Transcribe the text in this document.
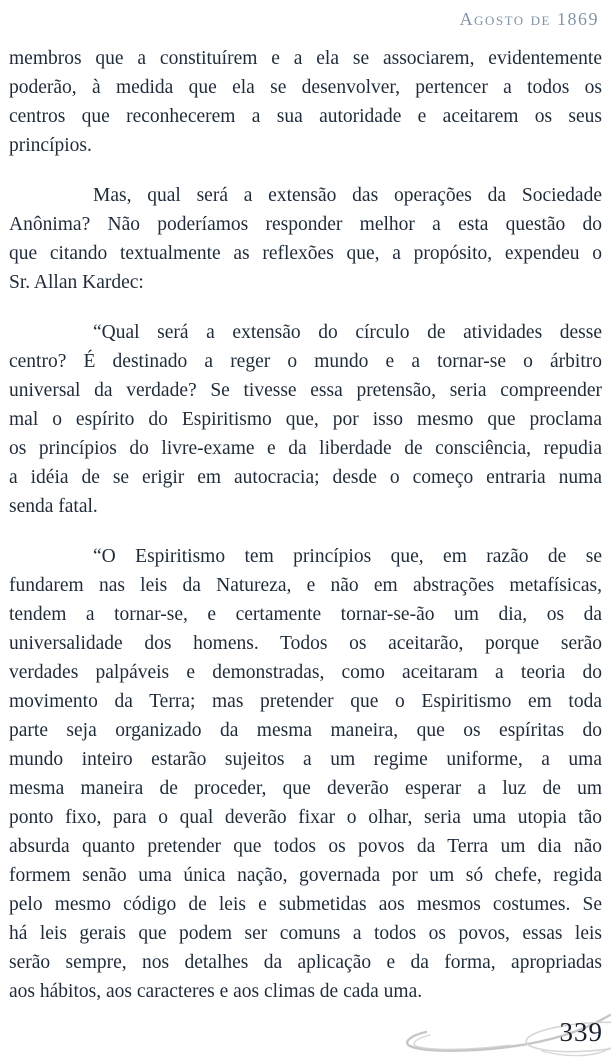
Agosto de 1869
membros que a constituírem e a ela se associarem, evidentemente
poderão, à medida que ela se desenvolver, pertencer a todos os
centros que reconhecerem a sua autoridade e aceitarem os seus
princípios.
Mas, qual será a extensão das operações da Sociedade
Anônima? Não poderíamos responder melhor a esta questão do
que citando textualmente as reflexões que, a propósito, expendeu o
Sr. Allan Kardec:
“Qual será a extensão do círculo de atividades desse
centro? É destinado a reger o mundo e a tornar-se o árbitro
universal da verdade? Se tivesse essa pretensão, seria compreender
mal o espírito do Espiritismo que, por isso mesmo que proclama
os princípios do livre-exame e da liberdade de consciência, repudia
a idéia de se erigir em autocracia; desde o começo entraria numa
senda fatal.
“O Espiritismo tem princípios que, em razão de se
fundarem nas leis da Natureza, e não em abstrações metafísicas,
tendem a tornar-se, e certamente tornar-se-ão um dia, os da
universalidade dos homens. Todos os aceitarão, porque serão
verdades palpáveis e demonstradas, como aceitaram a teoria do
movimento da Terra; mas pretender que o Espiritismo em toda
parte seja organizado da mesma maneira, que os espíritas do
mundo inteiro estarão sujeitos a um regime uniforme, a uma
mesma maneira de proceder, que deverão esperar a luz de um
ponto fixo, para o qual deverão fixar o olhar, seria uma utopia tão
absurda quanto pretender que todos os povos da Terra um dia não
formem senão uma única nação, governada por um só chefe, regida
pelo mesmo código de leis e submetidas aos mesmos costumes. Se
há leis gerais que podem ser comuns a todos os povos, essas leis
serão sempre, nos detalhes da aplicação e da forma, apropriadas
aos hábitos, aos caracteres e aos climas de cada uma.
339
